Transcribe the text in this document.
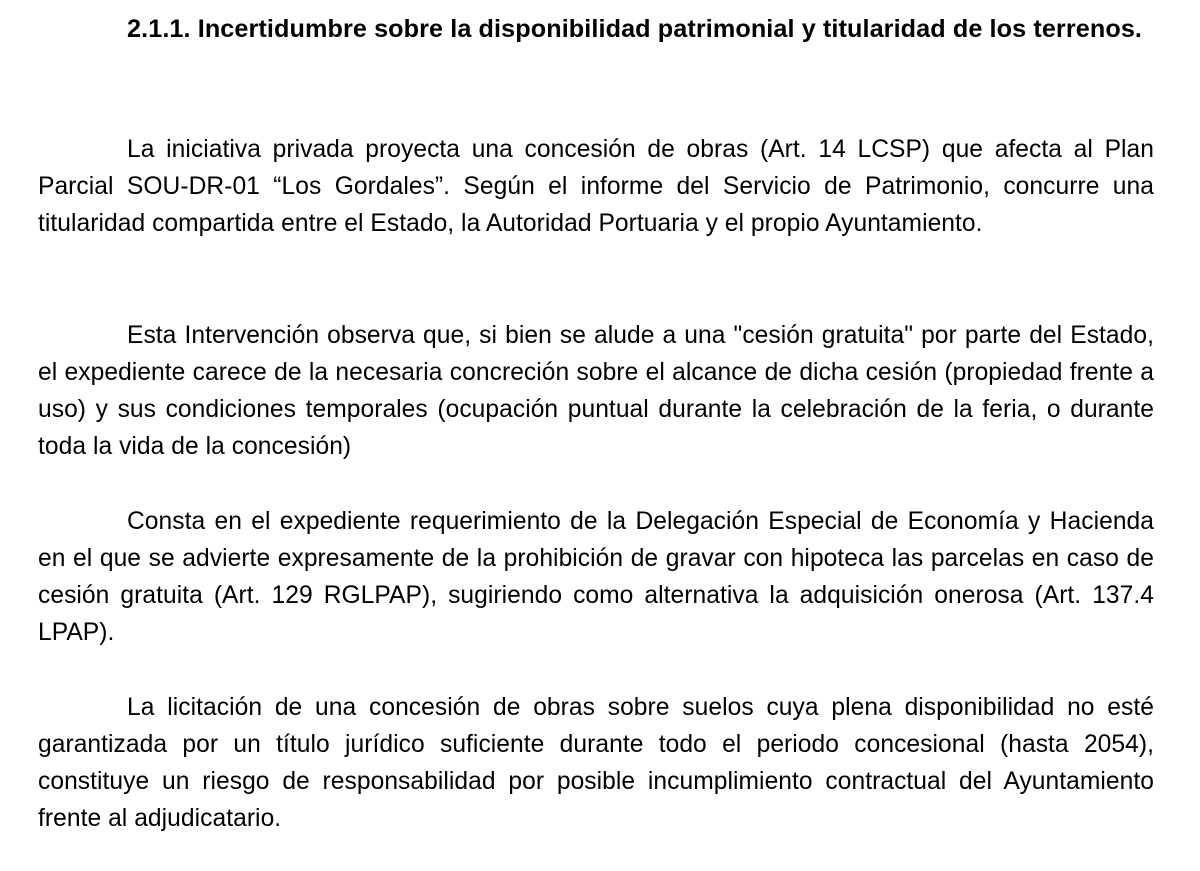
2.1.1. Incertidumbre sobre la disponibilidad patrimonial y titularidad de los terrenos.

La iniciativa privada proyecta una concesión de obras (Art. 14 LCSP) que afecta al Plan Parcial SOU-DR-01 “Los Gordales”. Según el informe del Servicio de Patrimonio, concurre una titularidad compartida entre el Estado, la Autoridad Portuaria y el propio Ayuntamiento.

Esta Intervención observa que, si bien se alude a una "cesión gratuita" por parte del Estado, el expediente carece de la necesaria concreción sobre el alcance de dicha cesión (propiedad frente a uso) y sus condiciones temporales (ocupación puntual durante la celebración de la feria, o durante toda la vida de la concesión)

Consta en el expediente requerimiento de la Delegación Especial de Economía y Hacienda en el que se advierte expresamente de la prohibición de gravar con hipoteca las parcelas en caso de cesión gratuita (Art. 129 RGLPAP), sugiriendo como alternativa la adquisición onerosa (Art. 137.4 LPAP).

La licitación de una concesión de obras sobre suelos cuya plena disponibilidad no esté garantizada por un título jurídico suficiente durante todo el periodo concesional (hasta 2054), constituye un riesgo de responsabilidad por posible incumplimiento contractual del Ayuntamiento frente al adjudicatario.
